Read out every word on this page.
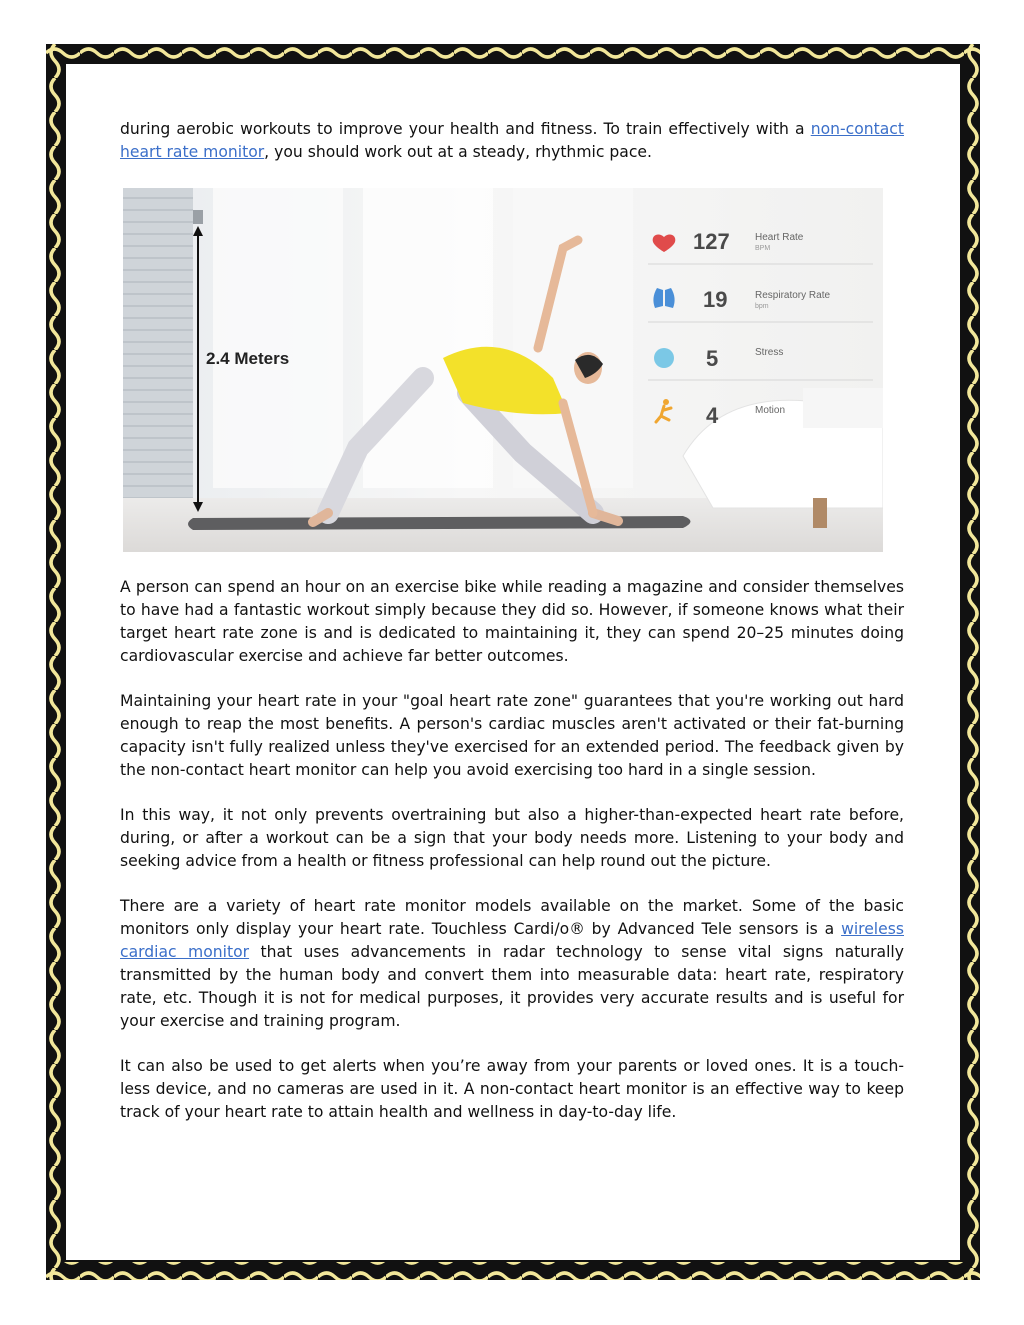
during aerobic workouts to improve your health and fitness. To train effectively with a non-contact heart rate monitor, you should work out at a steady, rhythmic pace.

2.4 Meters
127	Heart Rate
BPM
19	Respiratory Rate
bpm
5	Stress
4	Motion

A person can spend an hour on an exercise bike while reading a magazine and consider themselves to have had a fantastic workout simply because they did so. However, if someone knows what their target heart rate zone is and is dedicated to maintaining it, they can spend 20–25 minutes doing cardiovascular exercise and achieve far better outcomes.

Maintaining your heart rate in your "goal heart rate zone" guarantees that you're working out hard enough to reap the most benefits. A person's cardiac muscles aren't activated or their fat-burning capacity isn't fully realized unless they've exercised for an extended period. The feedback given by the non-contact heart monitor can help you avoid exercising too hard in a single session.

In this way, it not only prevents overtraining but also a higher-than-expected heart rate before, during, or after a workout can be a sign that your body needs more. Listening to your body and seeking advice from a health or fitness professional can help round out the picture.

There are a variety of heart rate monitor models available on the market. Some of the basic monitors only display your heart rate. Touchless Cardi/o® by Advanced Tele sensors is a wireless cardiac monitor that uses advancements in radar technology to sense vital signs naturally transmitted by the human body and convert them into measurable data: heart rate, respiratory rate, etc. Though it is not for medical purposes, it provides very accurate results and is useful for your exercise and training program.

It can also be used to get alerts when you’re away from your parents or loved ones. It is a touch-less device, and no cameras are used in it. A non-contact heart monitor is an effective way to keep track of your heart rate to attain health and wellness in day-to-day life.
